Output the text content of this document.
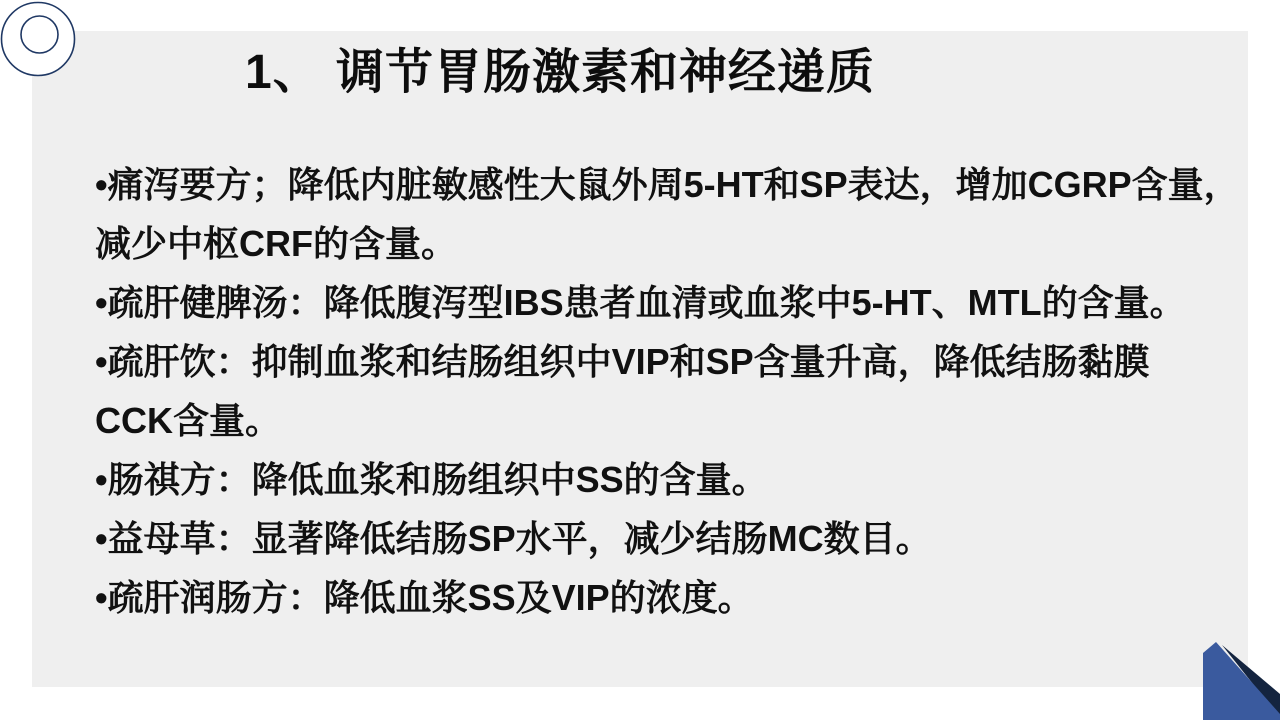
1、 调节胃肠激素和神经递质
•痛泻要方；降低内脏敏感性大鼠外周5-HT和SP表达，增加CGRP含量，
减少中枢CRF的含量。
•疏肝健脾汤：降低腹泻型IBS患者血清或血浆中5-HT、MTL的含量。
•疏肝饮：抑制血浆和结肠组织中VIP和SP含量升高，降低结肠黏膜
CCK含量。
•肠祺方：降低血浆和肠组织中SS的含量。
•益母草：显著降低结肠SP水平，减少结肠MC数目。
•疏肝润肠方：降低血浆SS及VIP的浓度。
